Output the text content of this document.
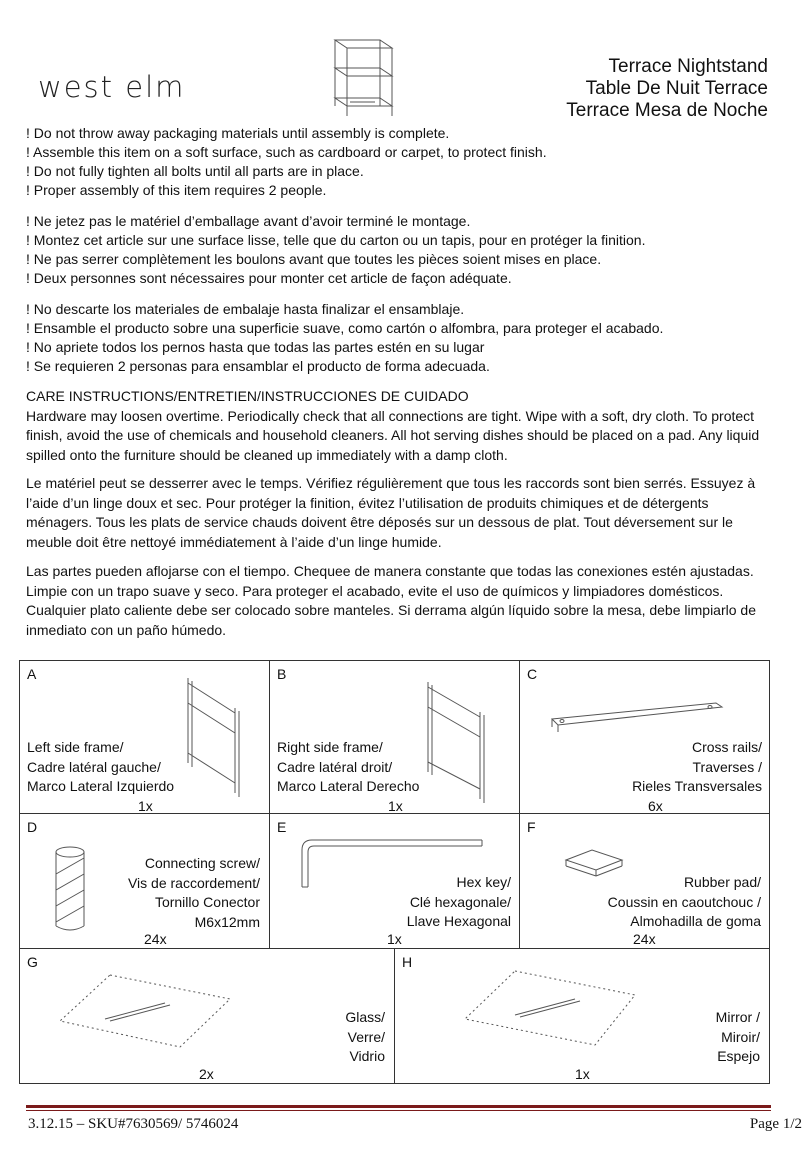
west elm
Terrace Nightstand
Table De Nuit Terrace
Terrace Mesa de Noche
! Do not throw away packaging materials until assembly is complete.
! Assemble this item on a soft surface, such as cardboard or carpet, to protect finish.
! Do not fully tighten all bolts until all parts are in place.
! Proper assembly of this item requires 2 people.
! Ne jetez pas le matériel d’emballage avant d’avoir terminé le montage.
! Montez cet article sur une surface lisse, telle que du carton ou un tapis, pour en protéger la finition.
! Ne pas serrer complètement les boulons avant que toutes les pièces soient mises en place.
! Deux personnes sont nécessaires pour monter cet article de façon adéquate.
! No descarte los materiales de embalaje hasta finalizar el ensamblaje.
! Ensamble el producto sobre una superficie suave, como cartón o alfombra, para proteger el acabado.
! No apriete todos los pernos hasta que todas las partes estén en su lugar
! Se requieren 2 personas para ensamblar el producto de forma adecuada.

CARE INSTRUCTIONS/ENTRETIEN/INSTRUCCIONES DE CUIDADO

Hardware may loosen overtime. Periodically check that all connections are tight. Wipe with a soft, dry cloth. To protect finish, avoid the use of chemicals and household cleaners. All hot serving dishes should be placed on a pad. Any liquid spilled onto the furniture should be cleaned up immediately with a damp cloth.

Le matériel peut se desserrer avec le temps. Vérifiez régulièrement que tous les raccords sont bien serrés. Essuyez à l’aide d’un linge doux et sec. Pour protéger la finition, évitez l’utilisation de produits chimiques et de détergents ménagers. Tous les plats de service chauds doivent être déposés sur un dessous de plat. Tout déversement sur le meuble doit être nettoyé immédiatement à l’aide d’un linge humide.

Las partes pueden aflojarse con el tiempo. Chequee de manera constante que todas las conexiones estén ajustadas. Limpie con un trapo suave y seco. Para proteger el acabado, evite el uso de químicos y limpiadores domésticos. Cualquier plato caliente debe ser colocado sobre manteles. Si derrama algún líquido sobre la mesa, debe limpiarlo de inmediato con un paño húmedo.

A
Left side frame/
Cadre latéral gauche/
Marco Lateral Izquierdo
1x
B
Right side frame/
Cadre latéral droit/
Marco Lateral Derecho
1x
C
Cross rails/
Traverses /
Rieles Transversales
6x
D
Connecting screw/
Vis de raccordement/
Tornillo Conector
M6x12mm
24x
E
Hex key/
Clé hexagonale/
Llave Hexagonal
1x
F
Rubber pad/
Coussin en caoutchouc /
Almohadilla de goma
24x
G
Glass/
Verre/
Vidrio
2x
H
Mirror /
Miroir/
Espejo
1x
3.12.15 – SKU#7630569/ 5746024	Page 1/2
